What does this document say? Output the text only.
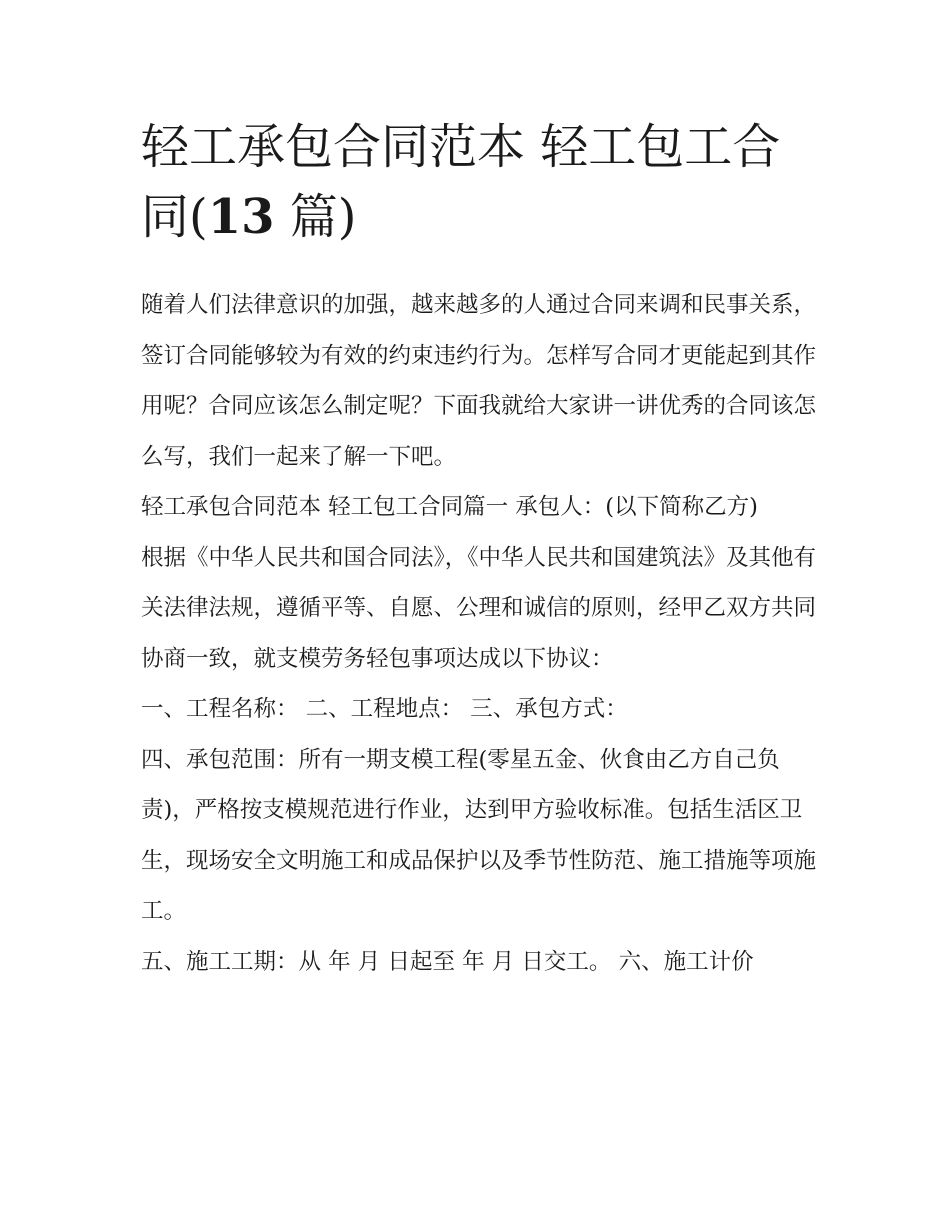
轻工承包合同范本 轻工包工合同(13 篇)

随着人们法律意识的加强，越来越多的人通过合同来调和民事关系，签订合同能够较为有效的约束违约行为。怎样写合同才更能起到其作用呢？合同应该怎么制定呢？下面我就给大家讲一讲优秀的合同该怎么写，我们一起来了解一下吧。

轻工承包合同范本 轻工包工合同篇一 承包人：(以下简称乙方)

根据《中华人民共和国合同法》，《中华人民共和国建筑法》及其他有关法律法规，遵循平等、自愿、公理和诚信的原则，经甲乙双方共同协商一致，就支模劳务轻包事项达成以下协议：

一、工程名称： 二、工程地点： 三、承包方式：

四、承包范围：所有一期支模工程(零星五金、伙食由乙方自己负责)，严格按支模规范进行作业，达到甲方验收标准。包括生活区卫生，现场安全文明施工和成品保护以及季节性防范、施工措施等项施工。

五、施工工期：从 年 月 日起至 年 月 日交工。 六、施工计价
